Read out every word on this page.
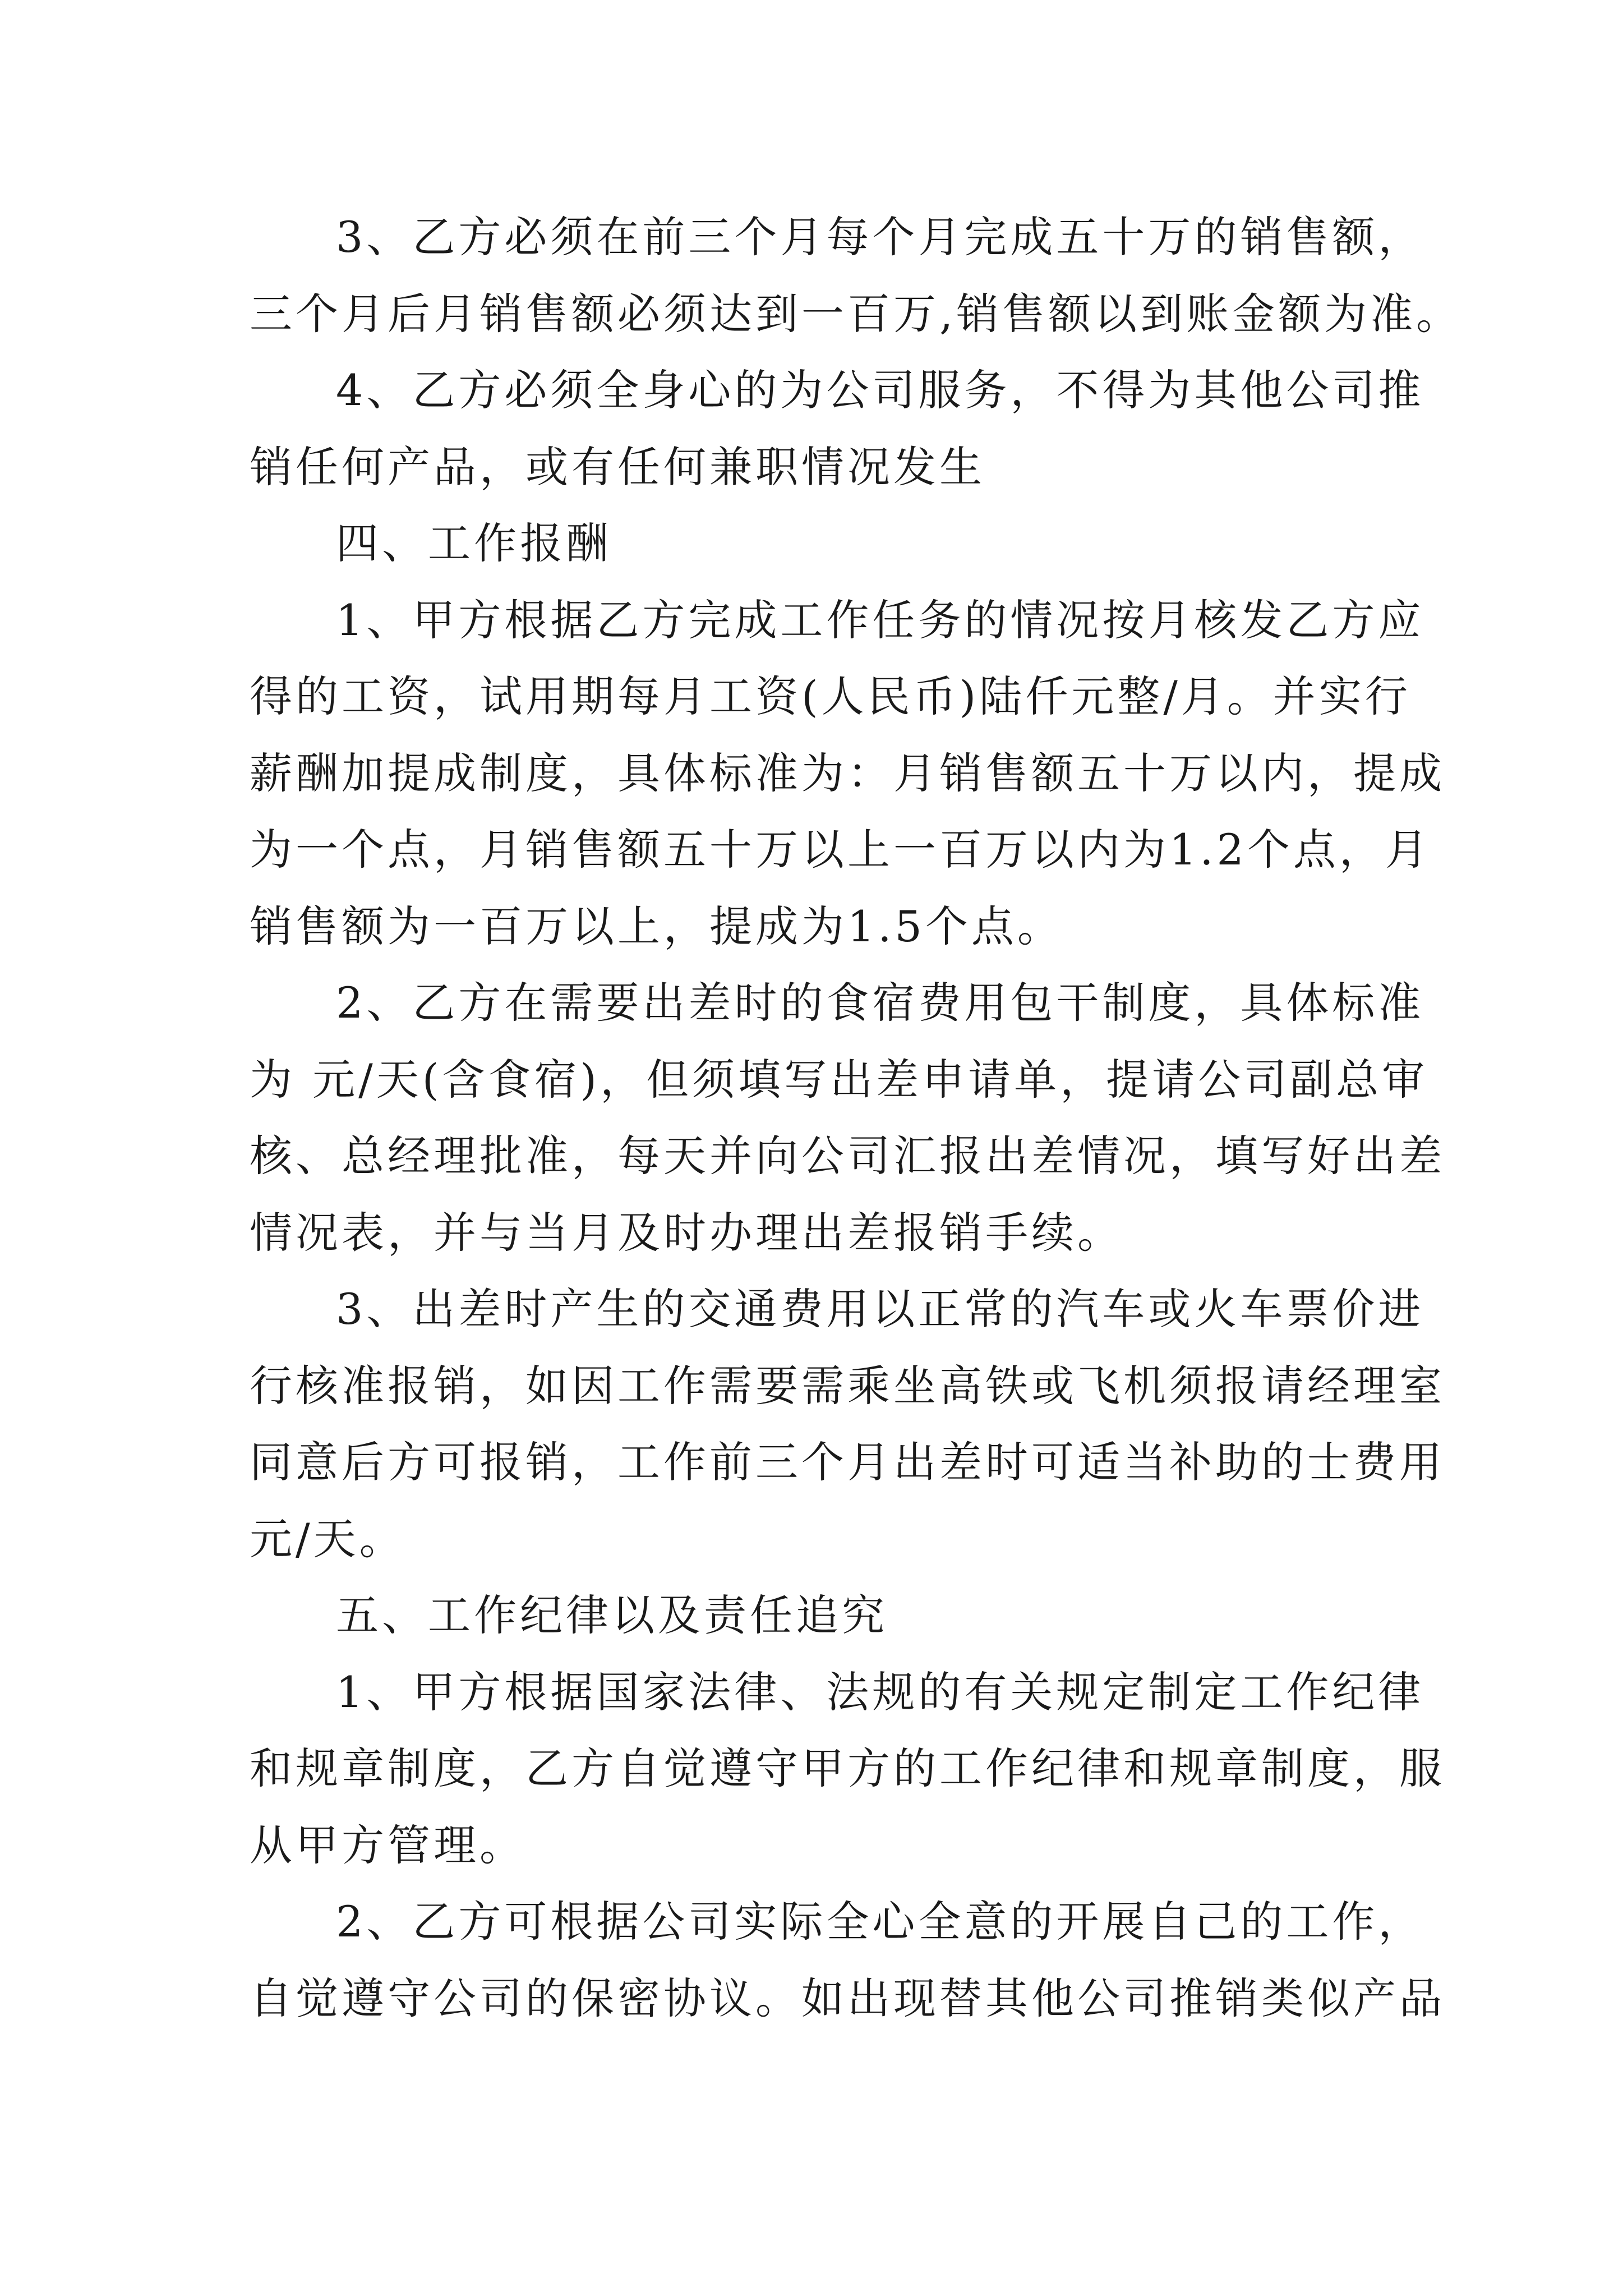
3、乙方必须在前三个月每个月完成五十万的销售额，
三个月后月销售额必须达到一百万,销售额以到账金额为准。
4、乙方必须全身心的为公司服务，不得为其他公司推
销任何产品，或有任何兼职情况发生
四、工作报酬
1、甲方根据乙方完成工作任务的情况按月核发乙方应
得的工资，试用期每月工资(人民币)陆仟元整/月。并实行
薪酬加提成制度，具体标准为：月销售额五十万以内，提成
为一个点，月销售额五十万以上一百万以内为1.2个点，月
销售额为一百万以上，提成为1.5个点。
2、乙方在需要出差时的食宿费用包干制度，具体标准
为 元/天(含食宿)，但须填写出差申请单，提请公司副总审
核、总经理批准，每天并向公司汇报出差情况，填写好出差
情况表，并与当月及时办理出差报销手续。
3、出差时产生的交通费用以正常的汽车或火车票价进
行核准报销，如因工作需要需乘坐高铁或飞机须报请经理室
同意后方可报销，工作前三个月出差时可适当补助的士费用
元/天。
五、工作纪律以及责任追究
1、甲方根据国家法律、法规的有关规定制定工作纪律
和规章制度，乙方自觉遵守甲方的工作纪律和规章制度，服
从甲方管理。
2、乙方可根据公司实际全心全意的开展自己的工作，
自觉遵守公司的保密协议。如出现替其他公司推销类似产品
